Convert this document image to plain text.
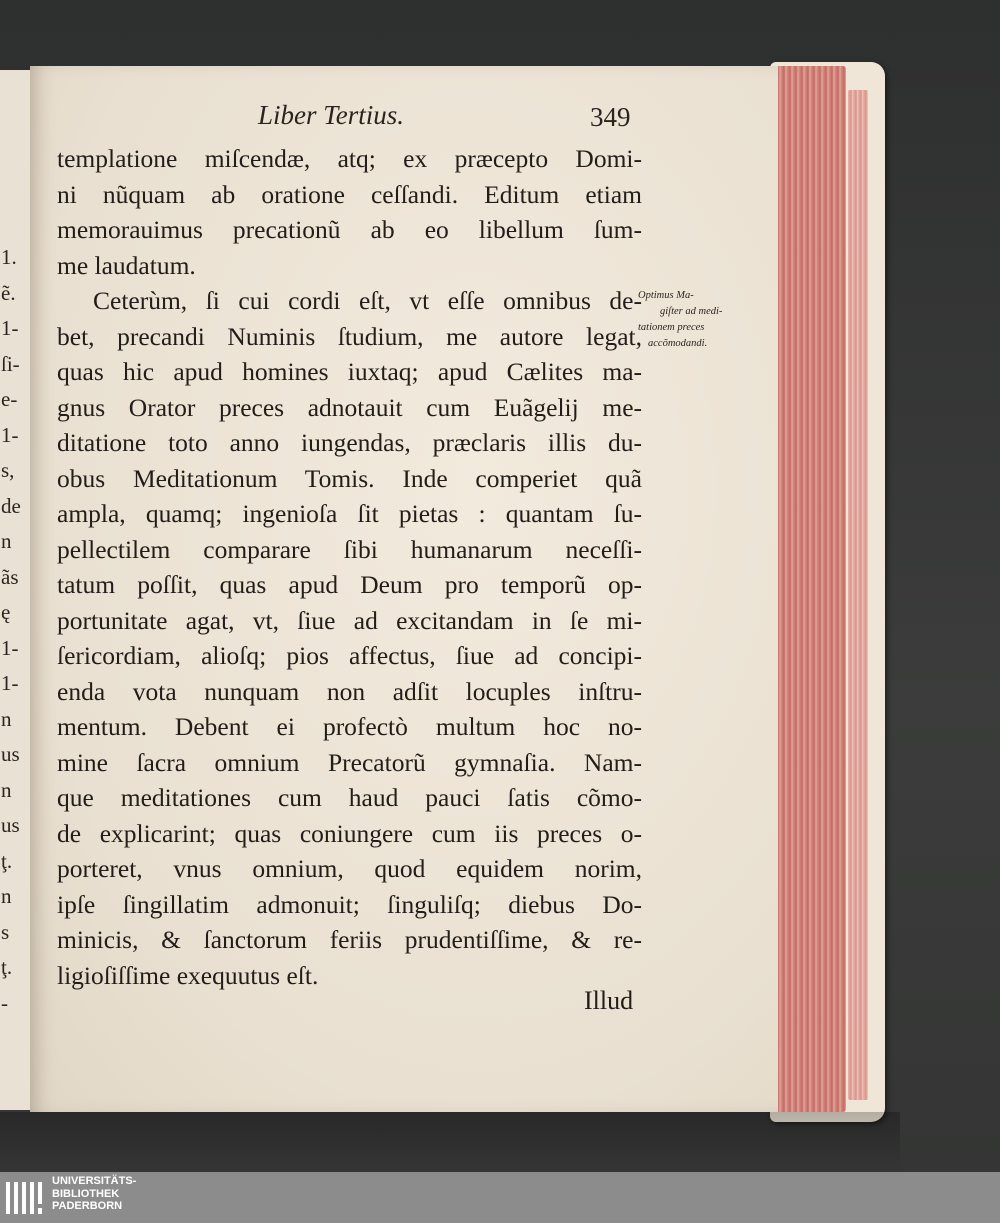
1.
ẽ.
1-
ſi-
e-
1-
s,
de
n
ãs
ę
1-
1-
n
us
n
us
ţ.
n
s
ţ.
-
Liber Tertius.	349
templatione miſcendæ, atq; ex præcepto Domi-
ni nũquam ab oratione ceſſandi. Editum etiam
memorauimus precationũ ab eo libellum ſum-
me laudatum.
Ceterùm, ſi cui cordi eſt, vt eſſe omnibus de-
bet, precandi Numinis ſtudium, me autore legat,
quas hic apud homines iuxtaq; apud Cælites ma-
gnus Orator preces adnotauit cum Euãgelij me-
ditatione toto anno iungendas, præclaris illis du-
obus Meditationum Tomis. Inde comperiet quã
ampla, quamq; ingenioſa ſit pietas : quantam ſu-
pellectilem comparare ſibi humanarum neceſſi-
tatum poſſit, quas apud Deum pro temporũ op-
portunitate agat, vt, ſiue ad excitandam in ſe mi-
ſericordiam, alioſq; pios affectus, ſiue ad concipi-
enda vota nunquam non adſit locuples inſtru-
mentum. Debent ei profectò multum hoc no-
mine ſacra omnium Precatorũ gymnaſia. Nam-
que meditationes cum haud pauci ſatis cõmo-
de explicarint; quas coniungere cum iis preces o-
porteret, vnus omnium, quod equidem norim,
ipſe ſingillatim admonuit; ſinguliſq; diebus Do-
minicis, & ſanctorum feriis prudentiſſime, & re-
ligioſiſſime exequutus eſt.
Illud
Optimus Ma-
giſter ad medi-
tationem preces
accõmodandi.
UNIVERSITÄTS-
BIBLIOTHEK
PADERBORN
